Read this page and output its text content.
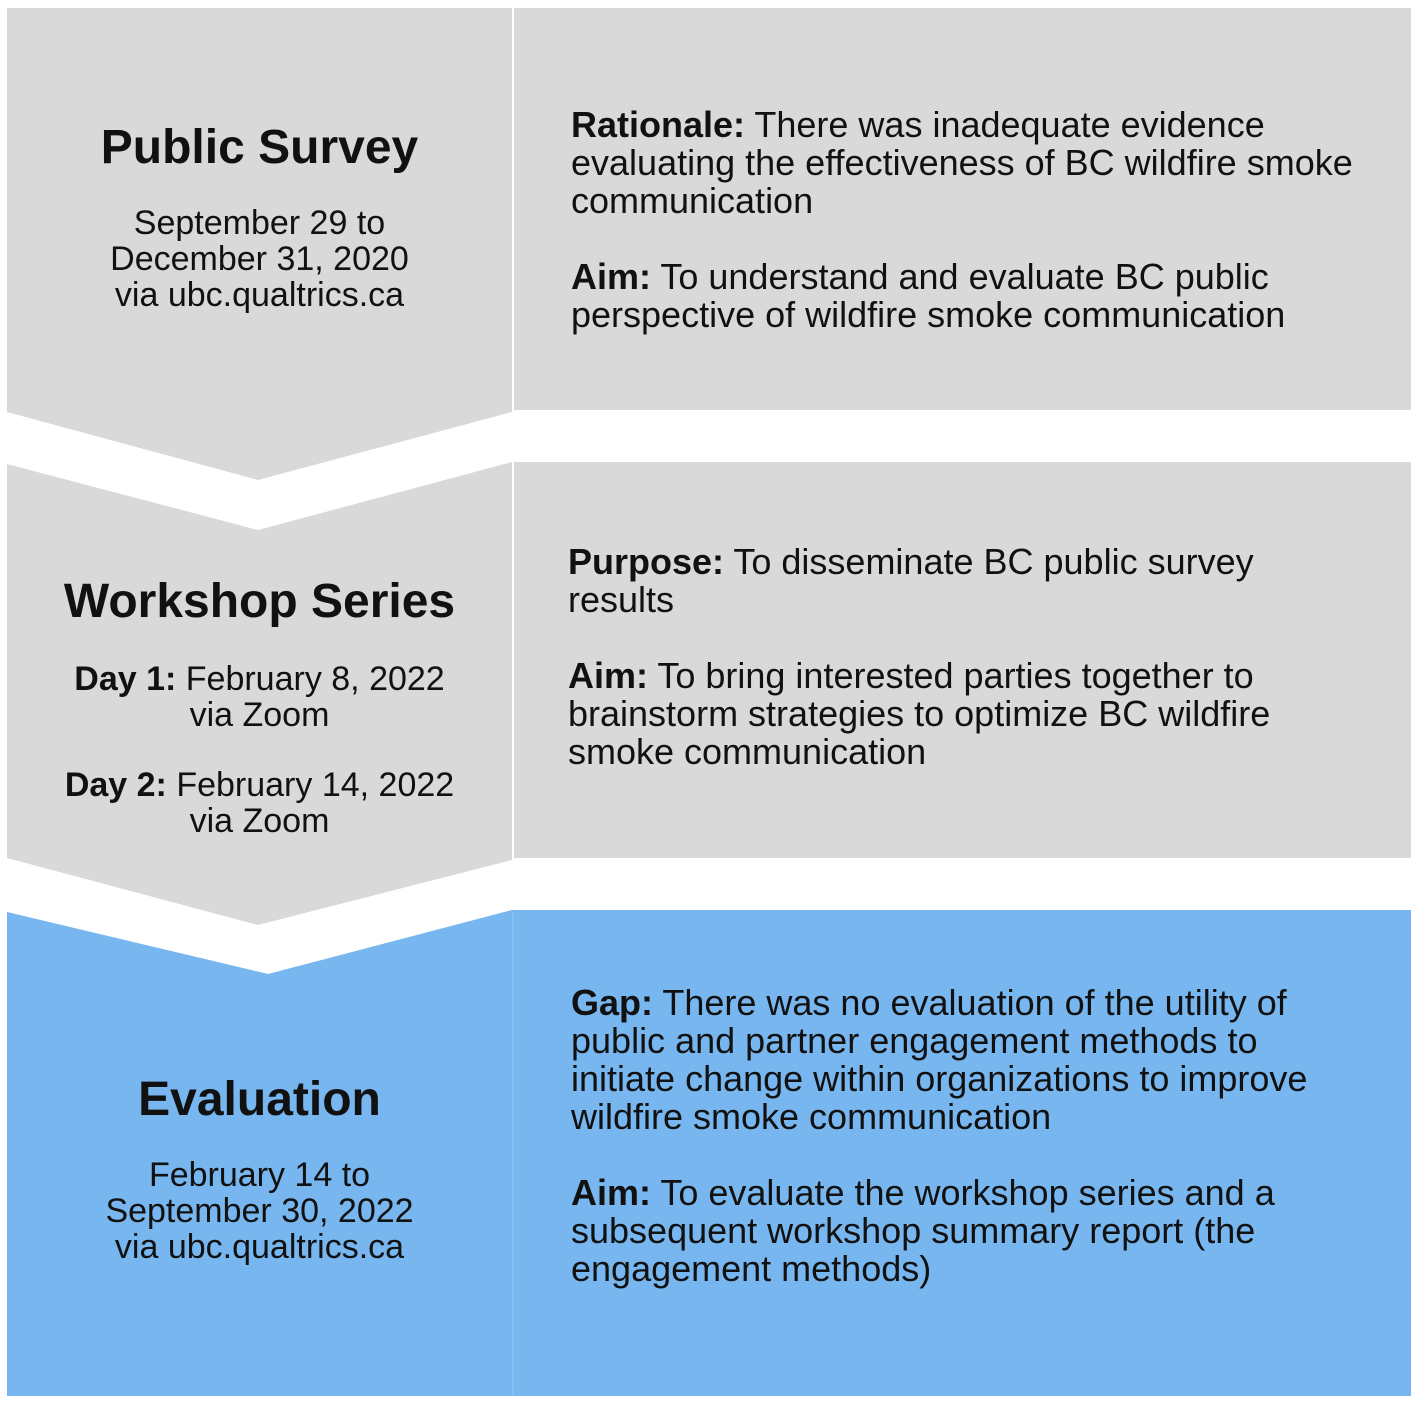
Public Survey
September 29 to
December 31, 2020
via ubc.qualtrics.ca
Rationale: There was inadequate evidence evaluating the effectiveness of BC wildfire smoke communication
Aim: To understand and evaluate BC public perspective of wildfire smoke communication
Workshop Series
Day 1: February 8, 2022
via Zoom
Day 2: February 14, 2022
via Zoom
Purpose: To disseminate BC public survey results
Aim: To bring interested parties together to brainstorm strategies to optimize BC wildfire smoke communication
Evaluation
February 14 to
September 30, 2022
via ubc.qualtrics.ca
Gap: There was no evaluation of the utility of public and partner engagement methods to initiate change within organizations to improve wildfire smoke communication
Aim: To evaluate the workshop series and a subsequent workshop summary report (the engagement methods)
